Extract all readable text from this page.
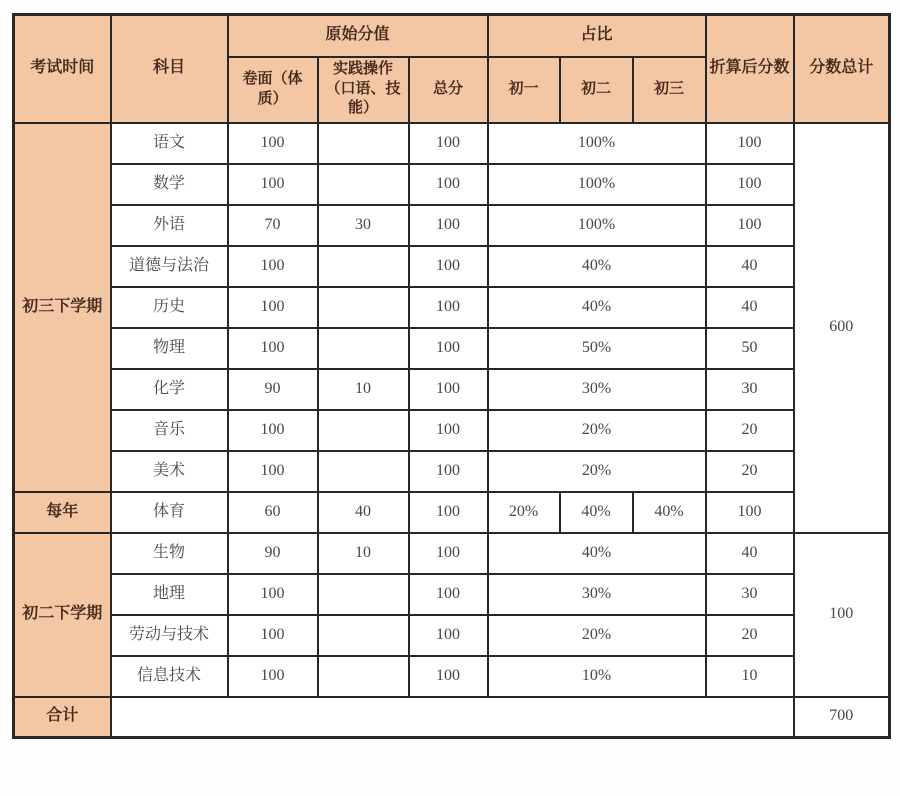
考试时间	科目	原始分值			占比			折算后分数	分数总计
		卷面（体质）	实践操作（口语、技能）	总分	初一	初二	初三		
初三下学期	语文	100		100	100%			100	600
	数学	100		100	100%			100	
	外语	70	30	100	100%			100	
	道德与法治	100		100	40%			40	
	历史	100		100	40%			40	
	物理	100		100	50%			50	
	化学	90	10	100	30%			30	
	音乐	100		100	20%			20	
	美术	100		100	20%			20	
每年	体育	60	40	100	20%	40%	40%	100	
初二下学期	生物	90	10	100	40%			40	100
	地理	100		100	30%			30	
	劳动与技术	100		100	20%			20	
	信息技术	100		100	10%			10	
合计									700
